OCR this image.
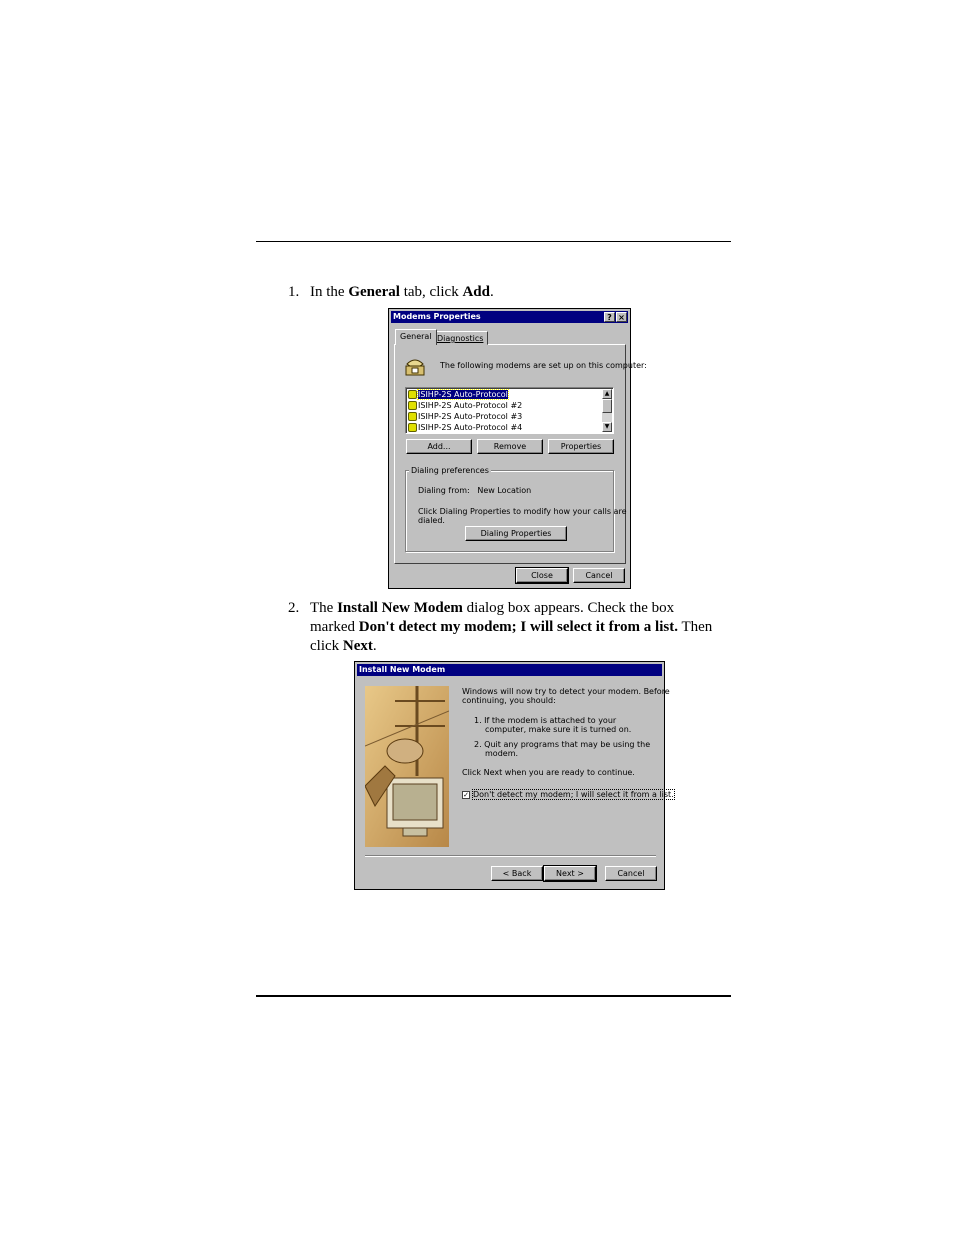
1. In the General tab, click Add.
Modems Properties	? ×
General Diagnostics
The following modems are set up on this computer:
ISIHP-2S Auto-Protocol
ISIHP-2S Auto-Protocol #2
ISIHP-2S Auto-Protocol #3
ISIHP-2S Auto-Protocol #4
▲
▼
Add...	Remove	Properties
Dialing preferences
Dialing from:   New Location
Click Dialing Properties to modify how your calls are
dialed.
Dialing Properties
Close	Cancel
2. The Install New Modem dialog box appears. Check the box
marked Don't detect my modem; I will select it from a list. Then
click Next.
Install New Modem
Windows will now try to detect your modem. Before
continuing, you should:
1. If the modem is attached to your
computer, make sure it is turned on.
2. Quit any programs that may be using the
modem.
Click Next when you are ready to continue.
✓ Don't detect my modem; I will select it from a list.
< Back	Next >	Cancel
